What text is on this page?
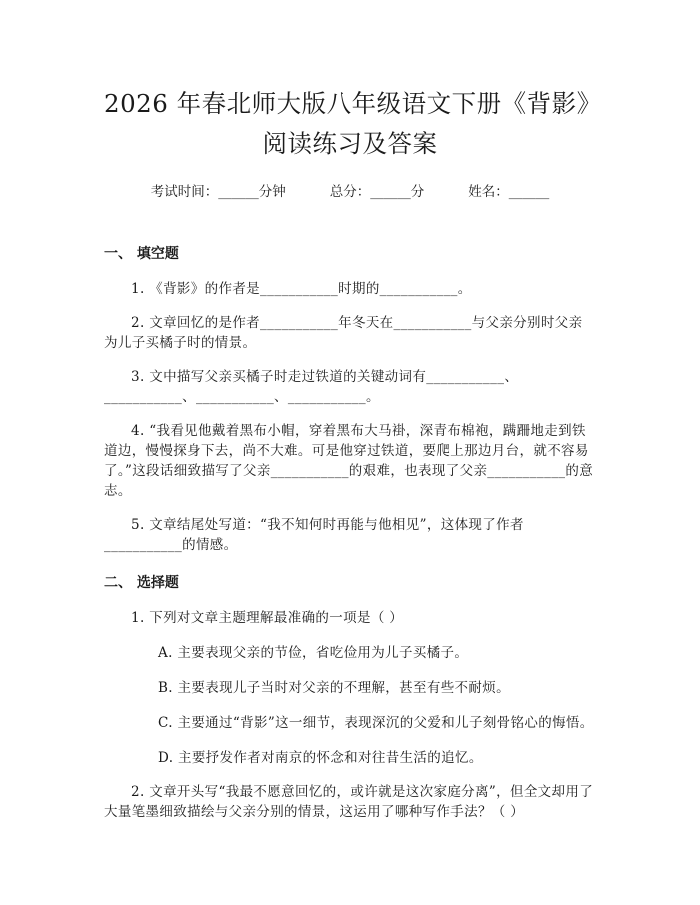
2026 年春北师大版八年级语文下册《背影》
阅读练习及答案
考试时间：______分钟	总分：______分	姓名：______
一、 填空题

1. 《背影》的作者是___________时期的___________。

2. 文章回忆的是作者___________年冬天在___________与父亲分别时父亲为儿子买橘子时的情景。

3. 文中描写父亲买橘子时走过铁道的关键动词有___________、___________、___________、___________。

4. “我看见他戴着黑布小帽，穿着黑布大马褂，深青布棉袍，蹒跚地走到铁道边，慢慢探身下去，尚不大难。可是他穿过铁道，要爬上那边月台，就不容易了。”这段话细致描写了父亲___________的艰难，也表现了父亲___________的意志。

5. 文章结尾处写道：“我不知何时再能与他相见”，这体现了作者___________的情感。

二、 选择题

1. 下列对文章主题理解最准确的一项是（ ）

A. 主要表现父亲的节俭，省吃俭用为儿子买橘子。

B. 主要表现儿子当时对父亲的不理解，甚至有些不耐烦。

C. 主要通过“背影”这一细节，表现深沉的父爱和儿子刻骨铭心的悔悟。

D. 主要抒发作者对南京的怀念和对往昔生活的追忆。

2. 文章开头写“我最不愿意回忆的，或许就是这次家庭分离”，但全文却用了大量笔墨细致描绘与父亲分别的情景，这运用了哪种写作手法？（ ）
